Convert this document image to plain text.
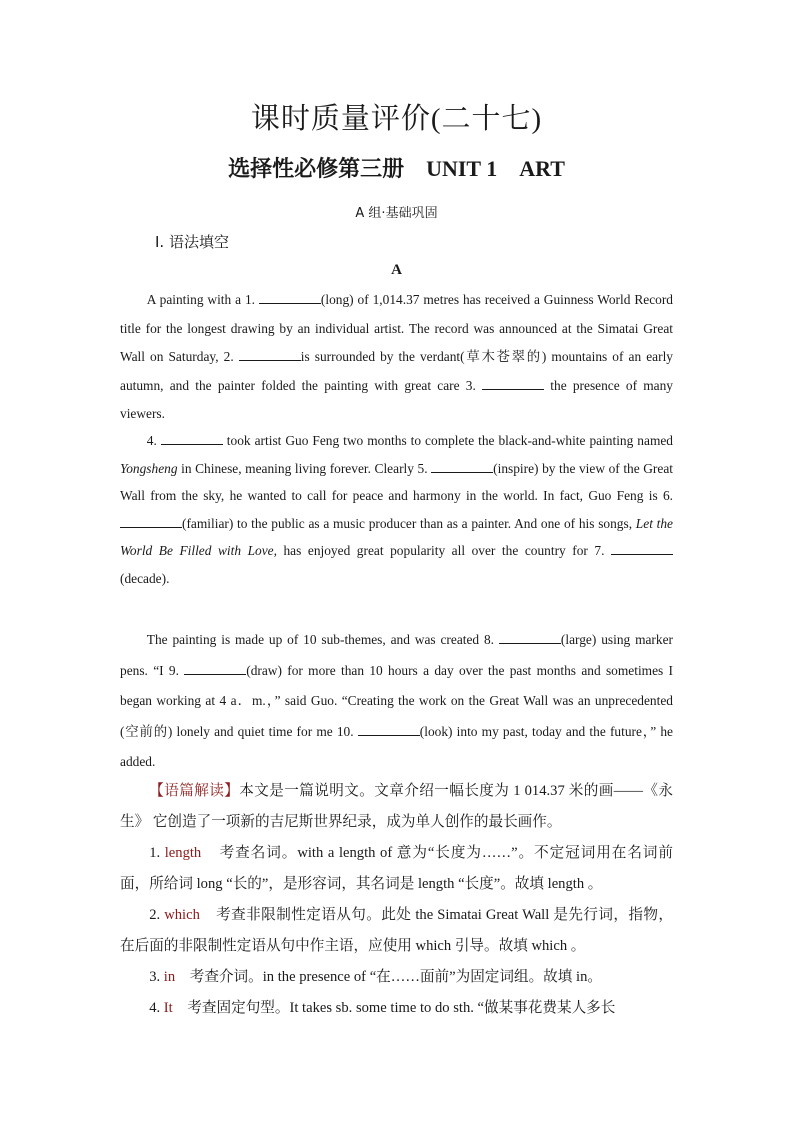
课时质量评价(二十七)
选择性必修第三册 UNIT 1 ART
A 组·基础巩固
Ⅰ. 语法填空
A

A painting with a 1.	(long) of 1,014.37 metres has received a Guinness World Record title for the longest drawing by an individual artist. The record was announced at the Simatai Great Wall on Saturday, 2.	is surrounded by the verdant(草木苍翠的) mountains of an early autumn, and the painter folded the painting with great care 3.	the presence of many viewers.

4.	took artist Guo Feng two months to complete the black-and-white painting named Yongsheng in Chinese, meaning living forever. Clearly 5.	(inspire) by the view of the Great Wall from the sky, he wanted to call for peace and harmony in the world. In fact, Guo Feng is 6. (familiar) to the public as a music producer than as a painter. And one of his songs, Let the World Be Filled with Love, has enjoyed great popularity all over the country for 7. (decade).

The painting is made up of 10 sub-themes, and was created 8.	(large) using marker pens. “I 9.	(draw) for more than 10 hours a day over the past months and sometimes I began working at 4 a．m.，” said Guo. “Creating the work on the Great Wall was an unprecedented (空前的) lonely and quiet time for me 10.	(look) into my past, today and the future，” he added.

【语篇解读】本文是一篇说明文。文章介绍一幅长度为 1 014.37 米的画——《永生》 它创造了一项新的吉尼斯世界纪录，成为单人创作的最长画作。

1. length 考查名词。with a length of 意为“长度为……”。不定冠词用在名词前面，所给词 long “长的”，是形容词，其名词是 length “长度”。故填 length 。

2. which 考查非限制性定语从句。此处 the Simatai Great Wall 是先行词，指物，在后面的非限制性定语从句中作主语，应使用 which 引导。故填 which 。

3. in 考查介词。in the presence of “在……面前”为固定词组。故填 in。

4. It 考查固定句型。It takes sb. some time to do sth. “做某事花费某人多长
